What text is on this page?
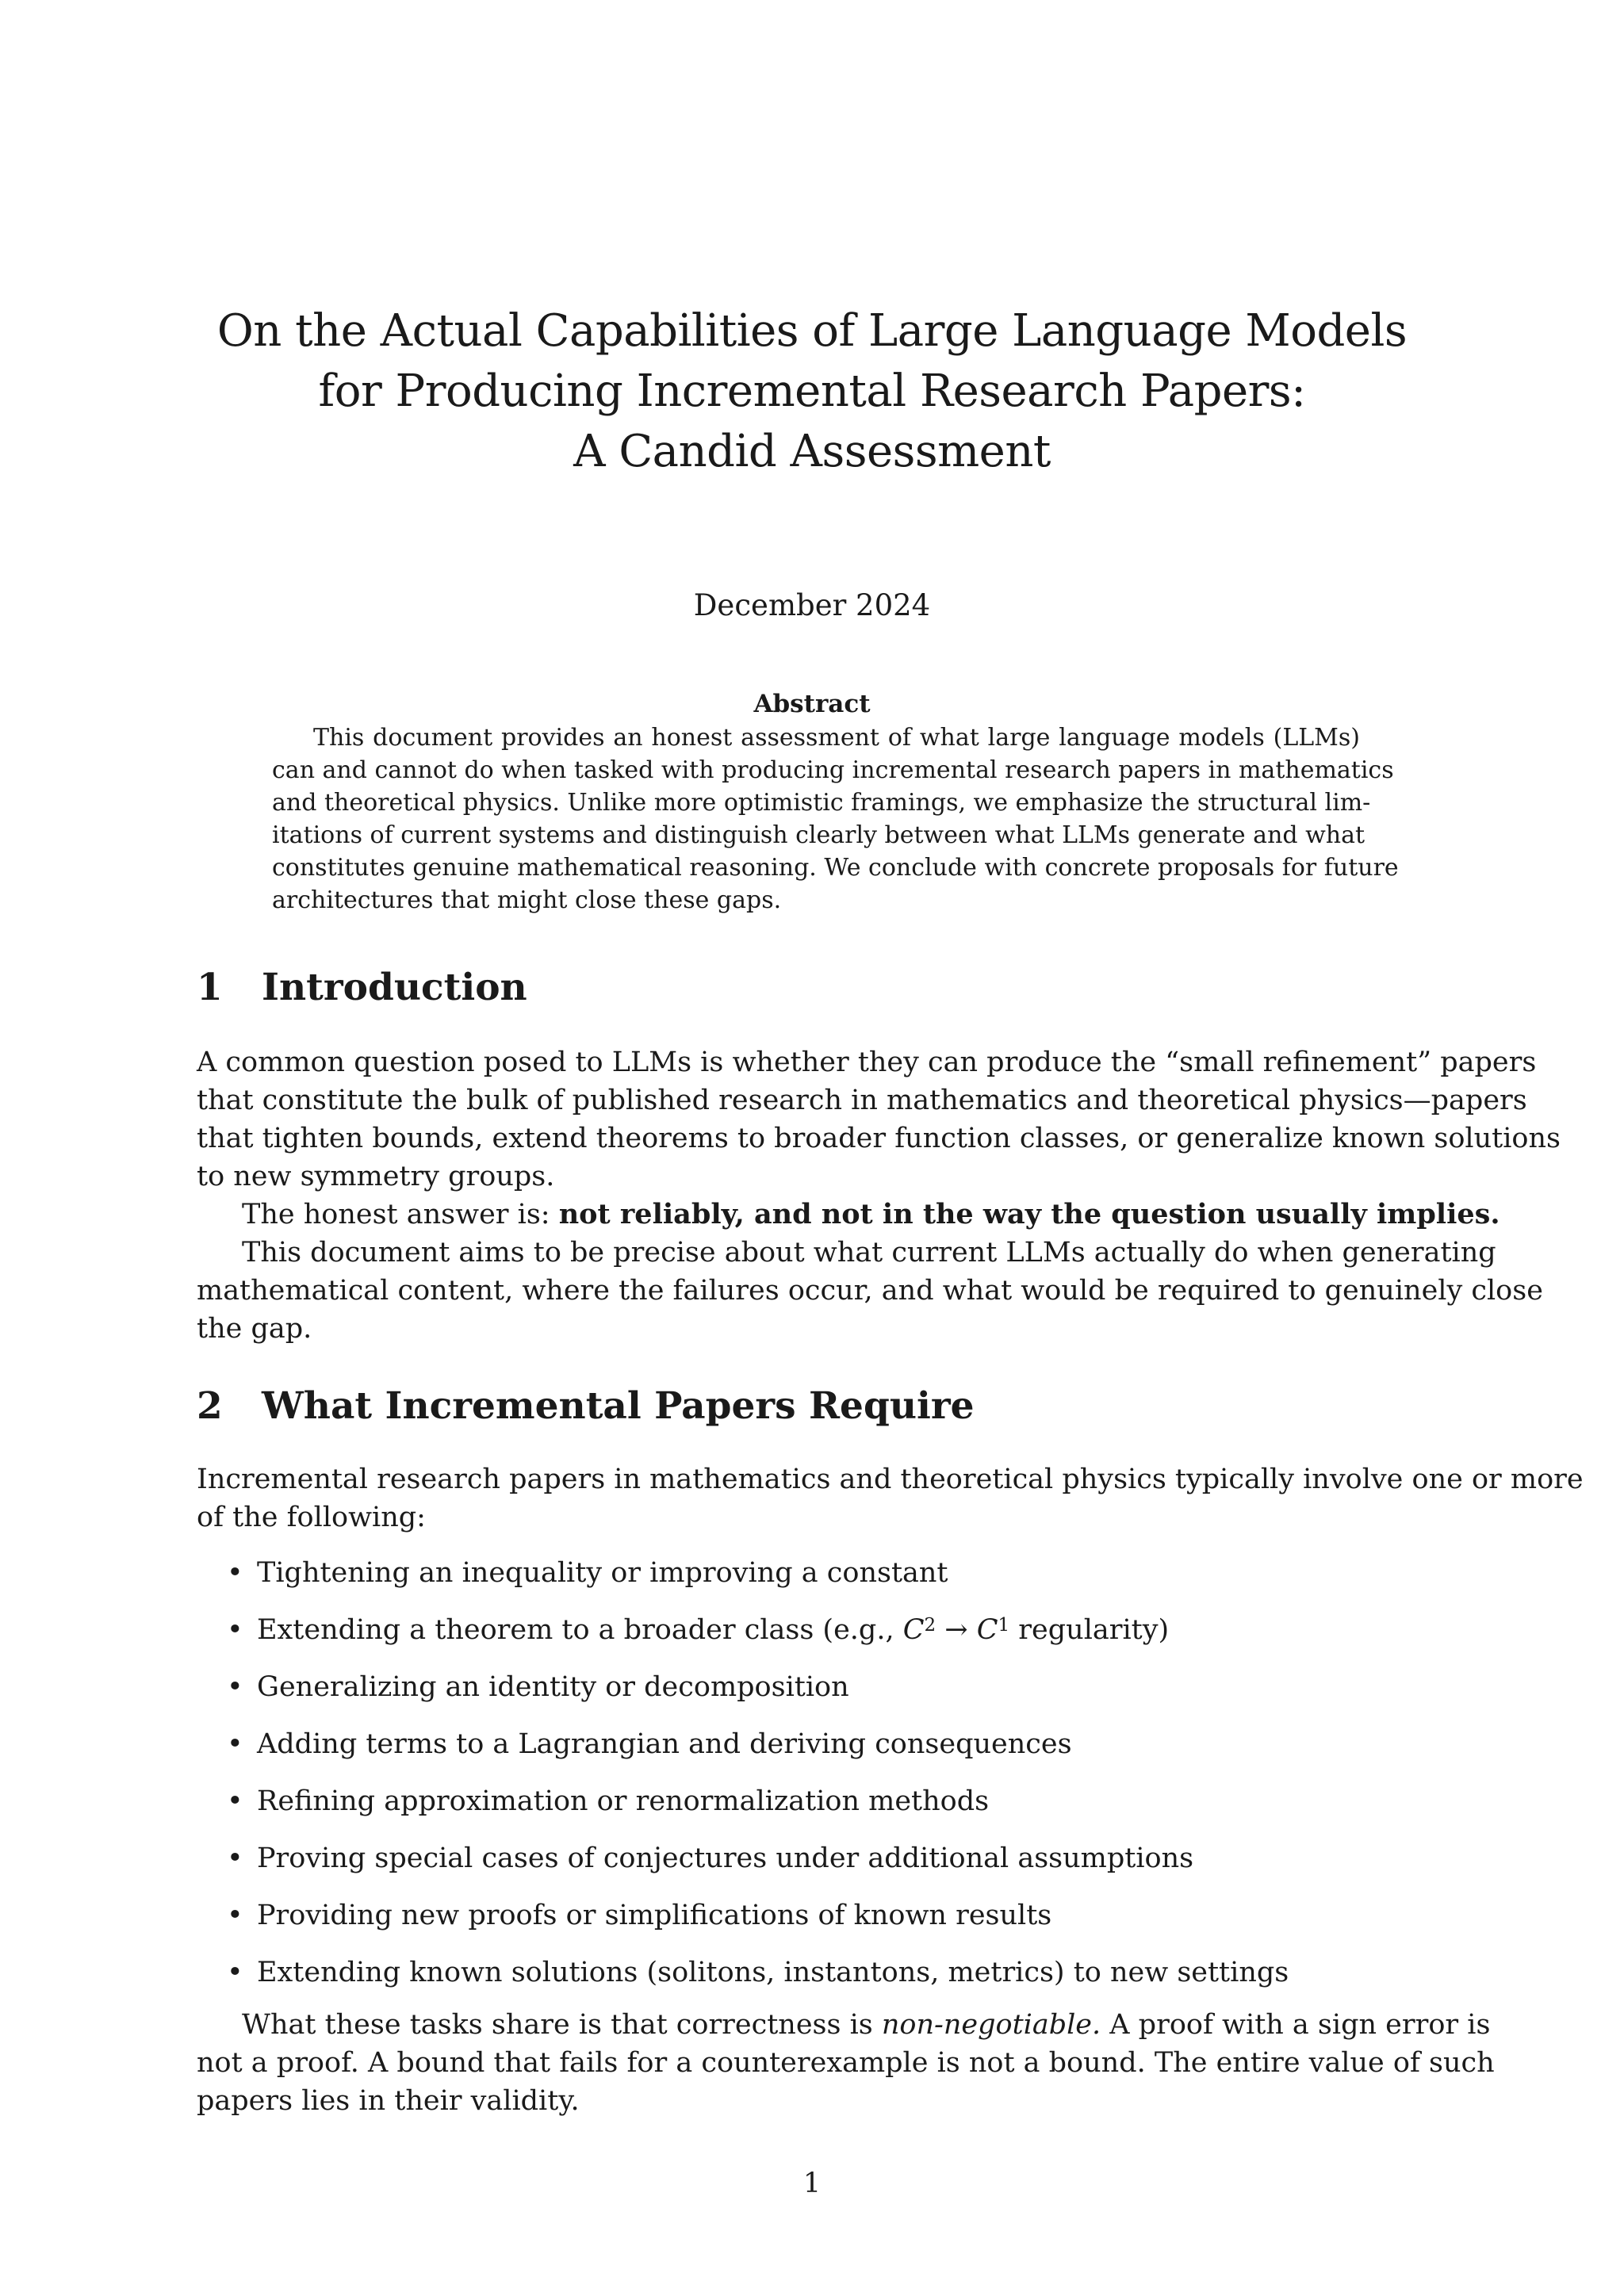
On the Actual Capabilities of Large Language Models
for Producing Incremental Research Papers:
A Candid Assessment
December 2024
Abstract
This document provides an honest assessment of what large language models (LLMs)
can and cannot do when tasked with producing incremental research papers in mathematics
and theoretical physics. Unlike more optimistic framings, we emphasize the structural lim-
itations of current systems and distinguish clearly between what LLMs generate and what
constitutes genuine mathematical reasoning. We conclude with concrete proposals for future
architectures that might close these gaps.
1 Introduction
A common question posed to LLMs is whether they can produce the “small refinement” papers
that constitute the bulk of published research in mathematics and theoretical physics—papers
that tighten bounds, extend theorems to broader function classes, or generalize known solutions
to new symmetry groups.
The honest answer is: not reliably, and not in the way the question usually implies.
This document aims to be precise about what current LLMs actually do when generating
mathematical content, where the failures occur, and what would be required to genuinely close
the gap.
2 What Incremental Papers Require
Incremental research papers in mathematics and theoretical physics typically involve one or more
of the following:
• Tightening an inequality or improving a constant
• Extending a theorem to a broader class (e.g., $C^2 \to C^1$ regularity)
• Generalizing an identity or decomposition
• Adding terms to a Lagrangian and deriving consequences
• Refining approximation or renormalization methods
• Proving special cases of conjectures under additional assumptions
• Providing new proofs or simplifications of known results
• Extending known solutions (solitons, instantons, metrics) to new settings
What these tasks share is that correctness is non-negotiable. A proof with a sign error is
not a proof. A bound that fails for a counterexample is not a bound. The entire value of such
papers lies in their validity.
1
